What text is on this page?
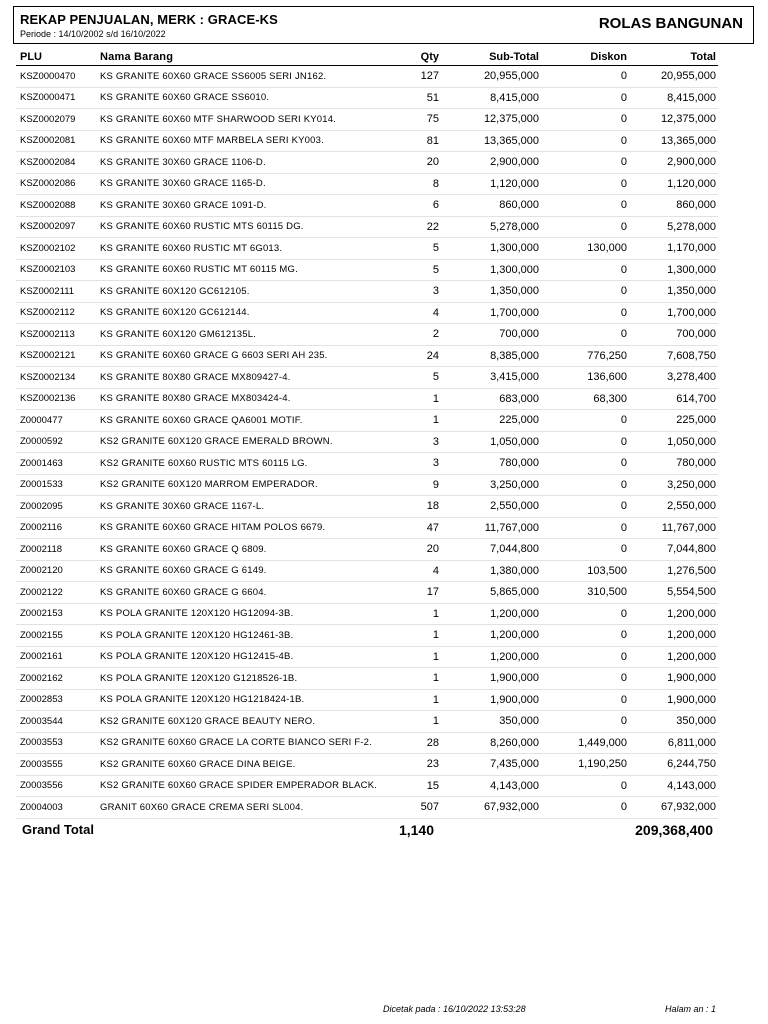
REKAP PENJUALAN, MERK : GRACE-KS
Periode : 14/10/2002 s/d 16/10/2022
ROLAS BANGUNAN
PLU	Nama Barang	Qty	Sub-Total	Diskon	Total
KSZ0000470	KS GRANITE 60X60 GRACE SS6005 SERI JN162.	127	20,955,000	0	20,955,000
KSZ0000471	KS GRANITE 60X60 GRACE SS6010.	51	8,415,000	0	8,415,000
KSZ0002079	KS GRANITE 60X60 MTF SHARWOOD SERI KY014.	75	12,375,000	0	12,375,000
KSZ0002081	KS GRANITE 60X60 MTF MARBELA SERI KY003.	81	13,365,000	0	13,365,000
KSZ0002084	KS GRANITE 30X60 GRACE 1106-D.	20	2,900,000	0	2,900,000
KSZ0002086	KS GRANITE 30X60 GRACE 1165-D.	8	1,120,000	0	1,120,000
KSZ0002088	KS GRANITE 30X60 GRACE 1091-D.	6	860,000	0	860,000
KSZ0002097	KS GRANITE 60X60 RUSTIC MTS 60115 DG.	22	5,278,000	0	5,278,000
KSZ0002102	KS GRANITE 60X60 RUSTIC MT 6G013.	5	1,300,000	130,000	1,170,000
KSZ0002103	KS GRANITE 60X60 RUSTIC MT 60115 MG.	5	1,300,000	0	1,300,000
KSZ0002111	KS GRANITE 60X120 GC612105.	3	1,350,000	0	1,350,000
KSZ0002112	KS GRANITE 60X120 GC612144.	4	1,700,000	0	1,700,000
KSZ0002113	KS GRANITE 60X120 GM612135L.	2	700,000	0	700,000
KSZ0002121	KS GRANITE 60X60 GRACE G 6603 SERI AH 235.	24	8,385,000	776,250	7,608,750
KSZ0002134	KS GRANITE 80X80 GRACE MX809427-4.	5	3,415,000	136,600	3,278,400
KSZ0002136	KS GRANITE 80X80 GRACE MX803424-4.	1	683,000	68,300	614,700
Z0000477	KS GRANITE 60X60 GRACE QA6001 MOTIF.	1	225,000	0	225,000
Z0000592	KS2 GRANITE 60X120 GRACE EMERALD BROWN.	3	1,050,000	0	1,050,000
Z0001463	KS2 GRANITE 60X60 RUSTIC MTS 60115 LG.	3	780,000	0	780,000
Z0001533	KS2 GRANITE 60X120 MARROM EMPERADOR.	9	3,250,000	0	3,250,000
Z0002095	KS GRANITE 30X60 GRACE 1167-L.	18	2,550,000	0	2,550,000
Z0002116	KS GRANITE 60X60 GRACE HITAM POLOS 6679.	47	11,767,000	0	11,767,000
Z0002118	KS GRANITE 60X60 GRACE Q 6809.	20	7,044,800	0	7,044,800
Z0002120	KS GRANITE 60X60 GRACE G 6149.	4	1,380,000	103,500	1,276,500
Z0002122	KS GRANITE 60X60 GRACE G 6604.	17	5,865,000	310,500	5,554,500
Z0002153	KS POLA GRANITE 120X120 HG12094-3B.	1	1,200,000	0	1,200,000
Z0002155	KS POLA GRANITE 120X120 HG12461-3B.	1	1,200,000	0	1,200,000
Z0002161	KS POLA GRANITE 120X120 HG12415-4B.	1	1,200,000	0	1,200,000
Z0002162	KS POLA GRANITE 120X120 G1218526-1B.	1	1,900,000	0	1,900,000
Z0002853	KS POLA GRANITE 120X120 HG1218424-1B.	1	1,900,000	0	1,900,000
Z0003544	KS2 GRANITE 60X120 GRACE BEAUTY NERO.	1	350,000	0	350,000
Z0003553	KS2 GRANITE 60X60 GRACE LA CORTE BIANCO SERI F-2.	28	8,260,000	1,449,000	6,811,000
Z0003555	KS2 GRANITE 60X60 GRACE DINA BEIGE.	23	7,435,000	1,190,250	6,244,750
Z0003556	KS2 GRANITE 60X60 GRACE SPIDER EMPERADOR BLACK.	15	4,143,000	0	4,143,000
Z0004003	GRANIT 60X60 GRACE CREMA SERI SL004.	507	67,932,000	0	67,932,000
Grand Total	1,140	209,368,400
Dicetak pada : 16/10/2022 13:53:28	Halam an : 1
